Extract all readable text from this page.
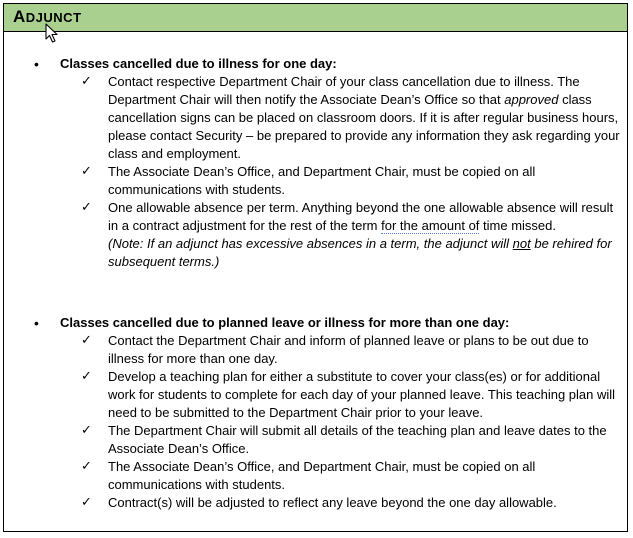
ADJUNCT
• Classes cancelled due to illness for one day:
✓ Contact respective Department Chair of your class cancellation due to illness. The Department Chair will then notify the Associate Dean’s Office so that approved class cancellation signs can be placed on classroom doors. If it is after regular business hours, please contact Security – be prepared to provide any information they ask regarding your class and employment.
✓ The Associate Dean’s Office, and Department Chair, must be copied on all communications with students.
✓ One allowable absence per term. Anything beyond the one allowable absence will result in a contract adjustment for the rest of the term for the amount of time missed.
(Note: If an adjunct has excessive absences in a term, the adjunct will not be rehired for subsequent terms.)
• Classes cancelled due to planned leave or illness for more than one day:
✓ Contact the Department Chair and inform of planned leave or plans to be out due to illness for more than one day.
✓ Develop a teaching plan for either a substitute to cover your class(es) or for additional work for students to complete for each day of your planned leave. This teaching plan will need to be submitted to the Department Chair prior to your leave.
✓ The Department Chair will submit all details of the teaching plan and leave dates to the Associate Dean’s Office.
✓ The Associate Dean’s Office, and Department Chair, must be copied on all communications with students.
✓ Contract(s) will be adjusted to reflect any leave beyond the one day allowable.
